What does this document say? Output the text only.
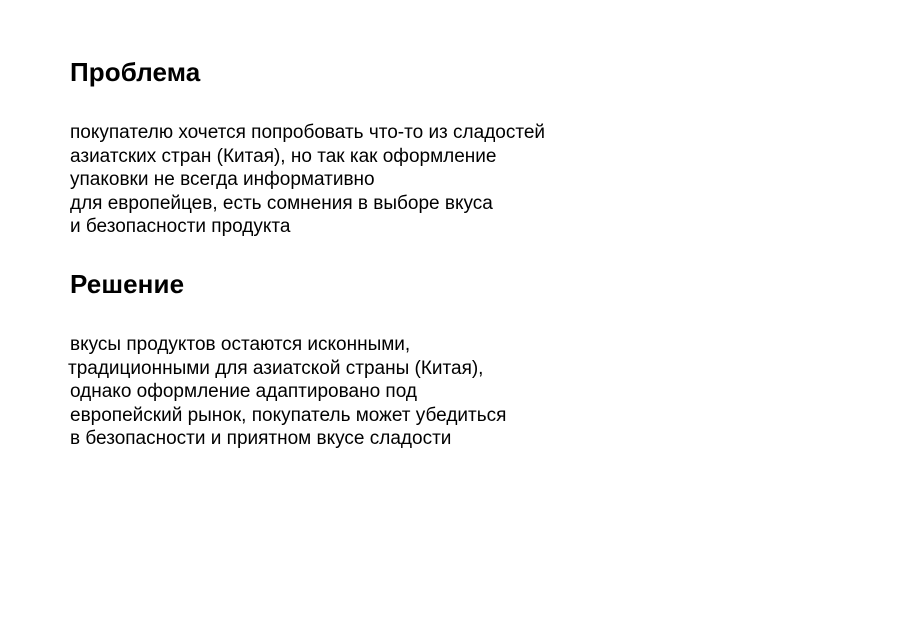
Проблема

покупателю хочется попробовать что-то из сладостей
азиатских стран (Китая), но так как оформление
упаковки не всегда информативно
для европейцев, есть сомнения в выборе вкуса
и безопасности продукта

Решение

вкусы продуктов остаются исконными,
традиционными для азиатской страны (Китая),
однако оформление адаптировано под
европейский рынок, покупатель может убедиться
в безопасности и приятном вкусе сладости
